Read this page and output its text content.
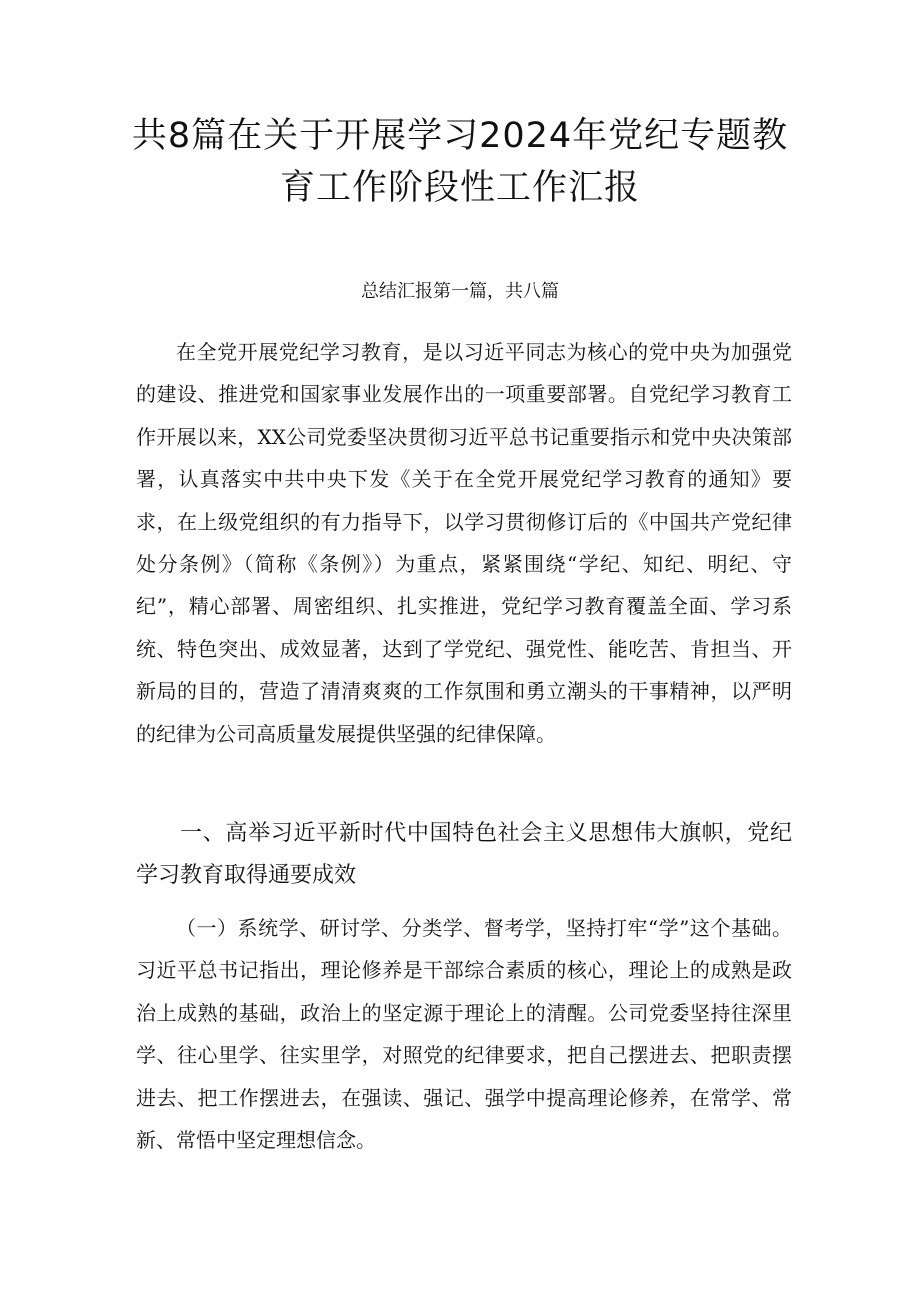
共8篇在关于开展学习2024年党纪专题教育工作阶段性工作汇报
总结汇报第一篇，共八篇

在全党开展党纪学习教育，是以习近平同志为核心的党中央为加强党的建设、推进党和国家事业发展作出的一项重要部署。自党纪学习教育工作开展以来，XX公司党委坚决贯彻习近平总书记重要指示和党中央决策部署，认真落实中共中央下发《关于在全党开展党纪学习教育的通知》要求，在上级党组织的有力指导下，以学习贯彻修订后的《中国共产党纪律处分条例》（简称《条例》）为重点，紧紧围绕“学纪、知纪、明纪、守纪”，精心部署、周密组织、扎实推进，党纪学习教育覆盖全面、学习系统、特色突出、成效显著，达到了学党纪、强党性、能吃苦、肯担当、开新局的目的，营造了清清爽爽的工作氛围和勇立潮头的干事精神，以严明的纪律为公司高质量发展提供坚强的纪律保障。

一、高举习近平新时代中国特色社会主义思想伟大旗帜，党纪学习教育取得通要成效

（一）系统学、研讨学、分类学、督考学，坚持打牢“学”这个基础。习近平总书记指出，理论修养是干部综合素质的核心，理论上的成熟是政治上成熟的基础，政治上的坚定源于理论上的清醒。公司党委坚持往深里学、往心里学、往实里学，对照党的纪律要求，把自己摆进去、把职责摆进去、把工作摆进去，在强读、强记、强学中提高理论修养，在常学、常新、常悟中坚定理想信念。
